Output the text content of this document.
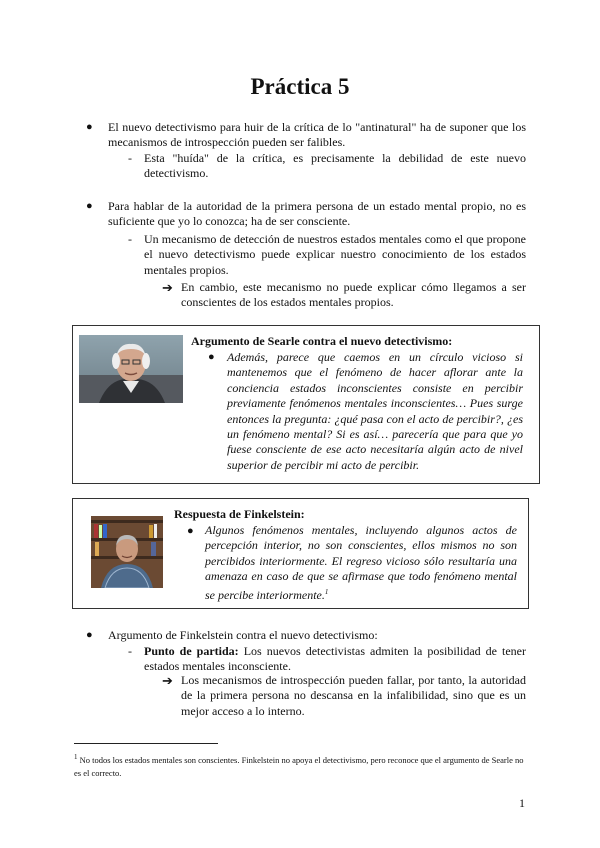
Práctica 5
● El nuevo detectivismo para huir de la crítica de lo "antinatural" ha de suponer que los mecanismos de introspección pueden ser falibles.
- Esta "huída" de la crítica, es precisamente la debilidad de este nuevo detectivismo.
● Para hablar de la autoridad de la primera persona de un estado mental propio, no es suficiente que yo lo conozca; ha de ser consciente.
- Un mecanismo de detección de nuestros estados mentales como el que propone el nuevo detectivismo puede explicar nuestro conocimiento de los estados mentales propios.
➔ En cambio, este mecanismo no puede explicar cómo llegamos a ser conscientes de los estados mentales propios.
Argumento de Searle contra el nuevo detectivismo:
● Además, parece que caemos en un círculo vicioso si mantenemos que el fenómeno de hacer aflorar ante la conciencia estados inconscientes consiste en percibir previamente fenómenos mentales inconscientes… Pues surge entonces la pregunta: ¿qué pasa con el acto de percibir?, ¿es un fenómeno mental? Si es así… parecería que para que yo fuese consciente de ese acto necesitaría algún acto de nivel superior de percibir mi acto de percibir.
Respuesta de Finkelstein:
● Algunos fenómenos mentales, incluyendo algunos actos de percepción interior, no son conscientes, ellos mismos no son percibidos interiormente. El regreso vicioso sólo resultaría una amenaza en caso de que se afirmase que todo fenómeno mental se percibe interiormente.$^1$
● Argumento de Finkelstein contra el nuevo detectivismo:
- Punto de partida: Los nuevos detectivistas admiten la posibilidad de tener estados mentales inconsciente.
➔ Los mecanismos de introspección pueden fallar, por tanto, la autoridad de la primera persona no descansa en la infalibilidad, sino que es un mejor acceso a lo interno.
$^1$ No todos los estados mentales son conscientes. Finkelstein no apoya el detectivismo, pero reconoce que el argumento de Searle no es el correcto.
1
